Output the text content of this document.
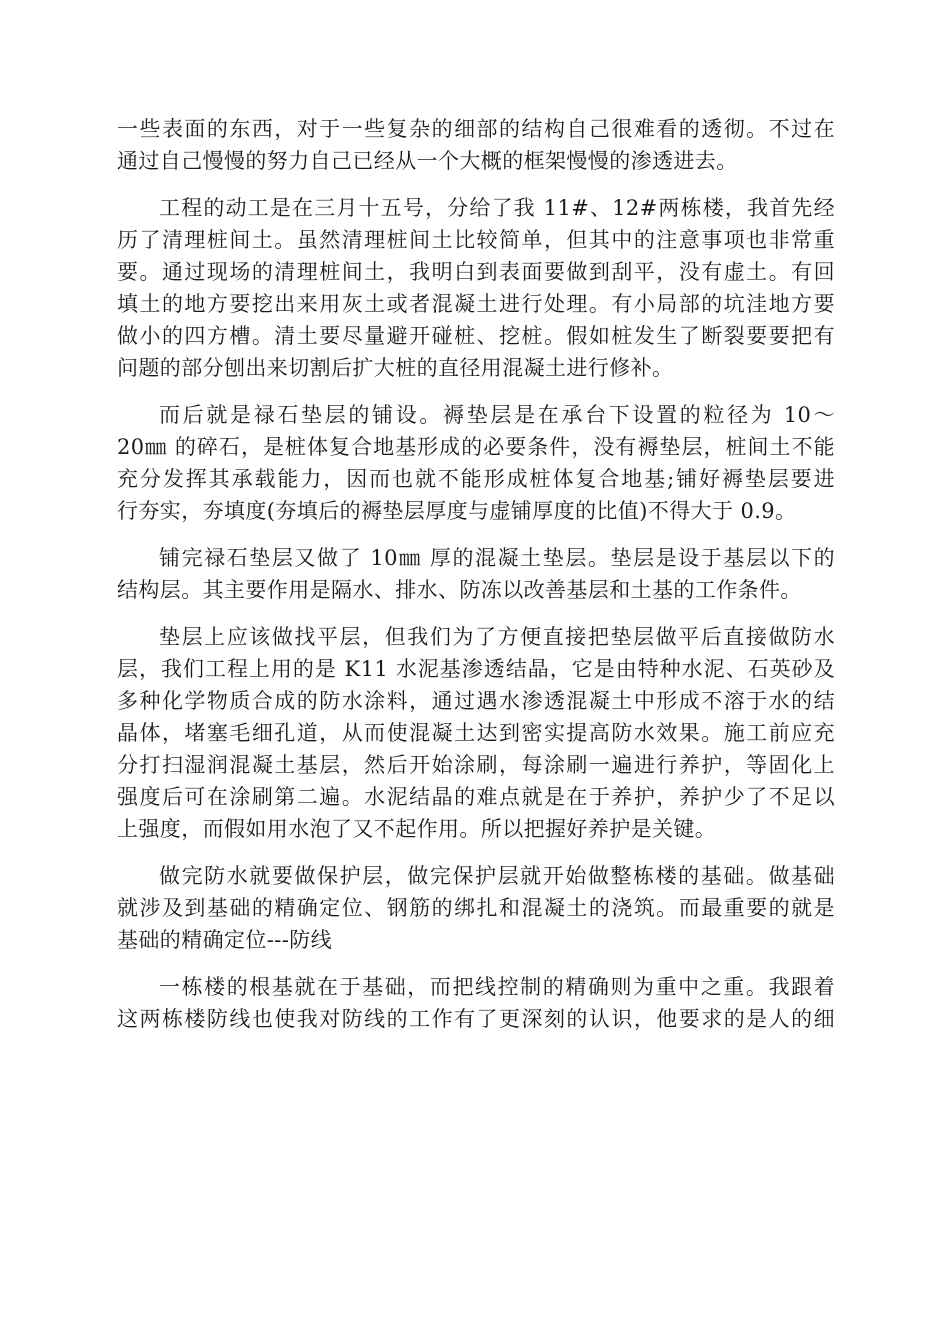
一些表面的东西，对于一些复杂的细部的结构自己很难看的透彻。不过在
通过自己慢慢的努力自己已经从一个大概的框架慢慢的渗透进去。
工程的动工是在三月十五号，分给了我 11#、12#两栋楼，我首先经
历了清理桩间土。虽然清理桩间土比较简单，但其中的注意事项也非常重
要。通过现场的清理桩间土，我明白到表面要做到刮平，没有虚土。有回
填土的地方要挖出来用灰土或者混凝土进行处理。有小局部的坑洼地方要
做小的四方槽。清土要尽量避开碰桩、挖桩。假如桩发生了断裂要要把有
问题的部分刨出来切割后扩大桩的直径用混凝土进行修补。
而后就是禄石垫层的铺设。褥垫层是在承台下设置的粒径为 10～
20㎜ 的碎石，是桩体复合地基形成的必要条件，没有褥垫层，桩间土不能
充分发挥其承载能力，因而也就不能形成桩体复合地基;铺好褥垫层要进
行夯实，夯填度(夯填后的褥垫层厚度与虚铺厚度的比值)不得大于 0.9。
铺完禄石垫层又做了 10㎜ 厚的混凝土垫层。垫层是设于基层以下的
结构层。其主要作用是隔水、排水、防冻以改善基层和土基的工作条件。
垫层上应该做找平层，但我们为了方便直接把垫层做平后直接做防水
层，我们工程上用的是 K11 水泥基渗透结晶，它是由特种水泥、石英砂及
多种化学物质合成的防水涂料，通过遇水渗透混凝土中形成不溶于水的结
晶体，堵塞毛细孔道，从而使混凝土达到密实提高防水效果。施工前应充
分打扫湿润混凝土基层，然后开始涂刷，每涂刷一遍进行养护，等固化上
强度后可在涂刷第二遍。水泥结晶的难点就是在于养护，养护少了不足以
上强度，而假如用水泡了又不起作用。所以把握好养护是关键。
做完防水就要做保护层，做完保护层就开始做整栋楼的基础。做基础
就涉及到基础的精确定位、钢筋的绑扎和混凝土的浇筑。而最重要的就是
基础的精确定位---防线
一栋楼的根基就在于基础，而把线控制的精确则为重中之重。我跟着
这两栋楼防线也使我对防线的工作有了更深刻的认识，他要求的是人的细
